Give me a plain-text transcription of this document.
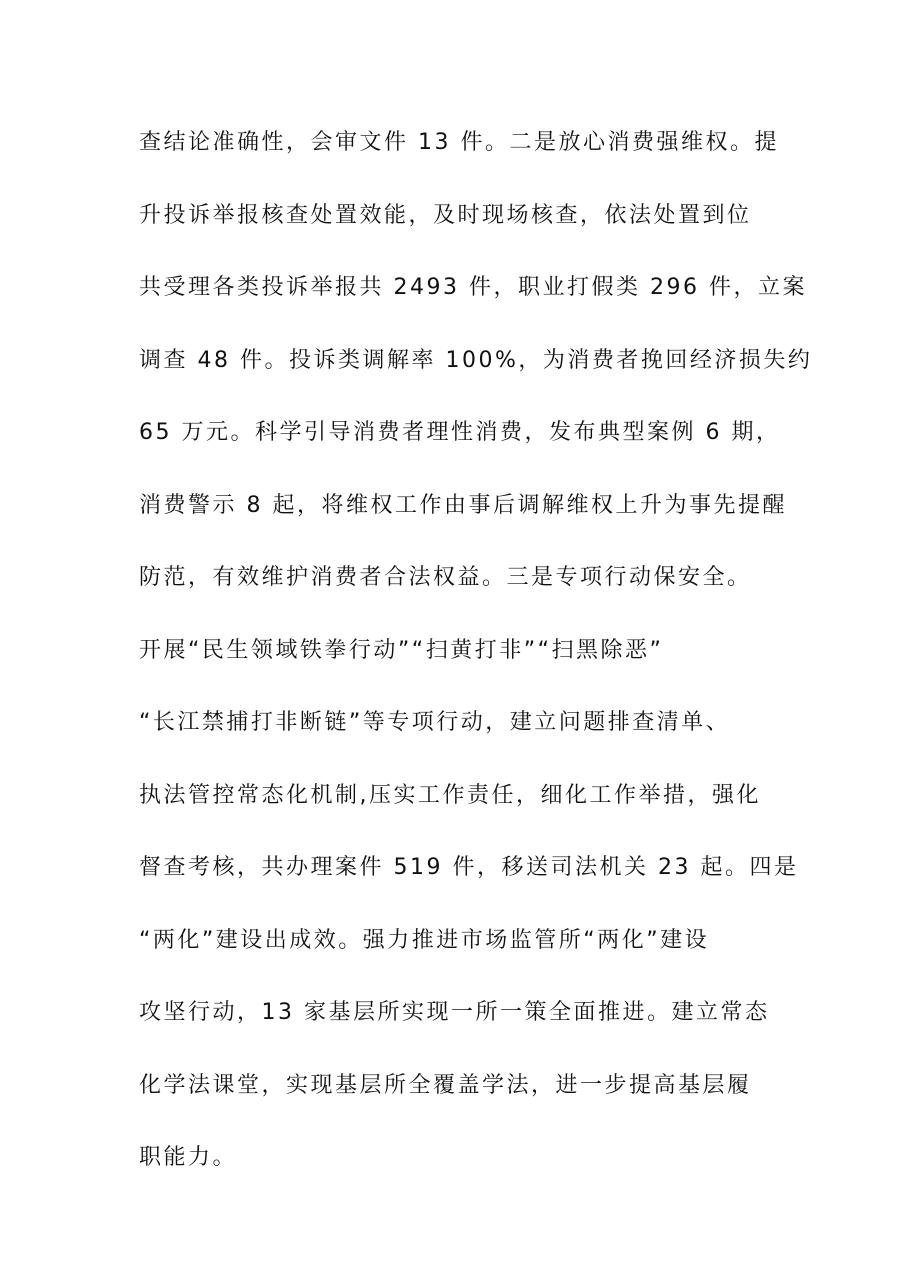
查结论准确性，会审文件 13 件。二是放心消费强维权。提
升投诉举报核查处置效能，及时现场核查，依法处置到位
共受理各类投诉举报共 2493 件，职业打假类 296 件，立案
调查 48 件。投诉类调解率 100%，为消费者挽回经济损失约
65 万元。科学引导消费者理性消费，发布典型案例 6 期，
消费警示 8 起，将维权工作由事后调解维权上升为事先提醒
防范，有效维护消费者合法权益。三是专项行动保安全。
开展“民生领域铁拳行动”“扫黄打非”“扫黑除恶”
“长江禁捕打非断链”等专项行动，建立问题排查清单、
执法管控常态化机制,压实工作责任，细化工作举措，强化
督查考核，共办理案件 519 件，移送司法机关 23 起。四是
“两化”建设出成效。强力推进市场监管所“两化”建设
攻坚行动，13 家基层所实现一所一策全面推进。建立常态
化学法课堂，实现基层所全覆盖学法，进一步提高基层履
职能力。
